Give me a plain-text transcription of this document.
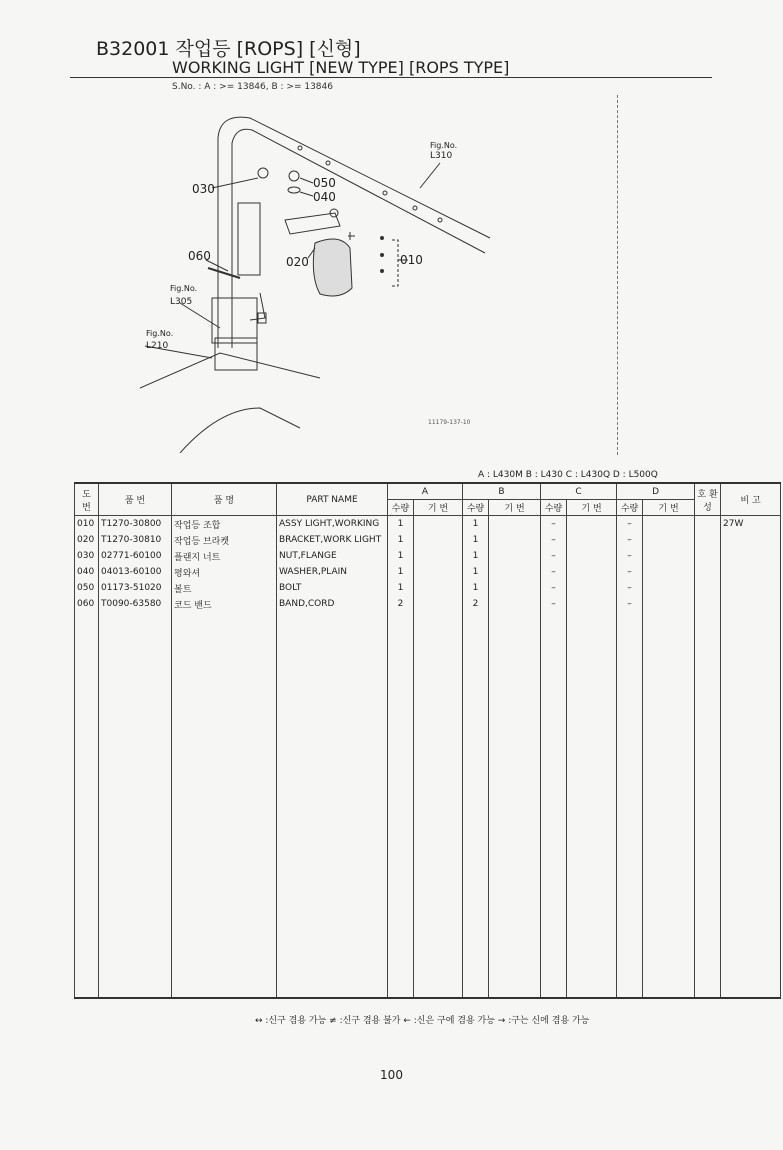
B32001 작업등 [ROPS] [신형]
WORKING LIGHT [NEW TYPE] [ROPS TYPE]
S.No. : A : >= 13846, B : >= 13846
030	050
040
060	020	010
Fig.No.
L310
Fig.No.
L305
Fig.No.
L210
11179-137-10
A : L430M B : L430 C : L430Q D : L500Q
도 번	품 번	품 명	PART NAME	A		B		C		D		호 환 성	비 고
				수량	기 번	수량	기 번	수량	기 번	수량	기 번		
010	T1270-30800	작업등 조합	ASSY LIGHT,WORKING	1		1		–		–			27W
020	T1270-30810	작업등 브라켓	BRACKET,WORK LIGHT	1		1		–		–			
030	02771-60100	플랜지 너트	NUT,FLANGE	1		1		–		–			
040	04013-60100	평와셔	WASHER,PLAIN	1		1		–		–			
050	01173-51020	볼트	BOLT	1		1		–		–			
060	T0090-63580	코드 밴드	BAND,CORD	2		2		–		–			

↔ :신구 겸용 가능 ≠ :신구 겸용 불가 ← :신은 구에 겸용 가능 → :구는 신에 겸용 가능
100
